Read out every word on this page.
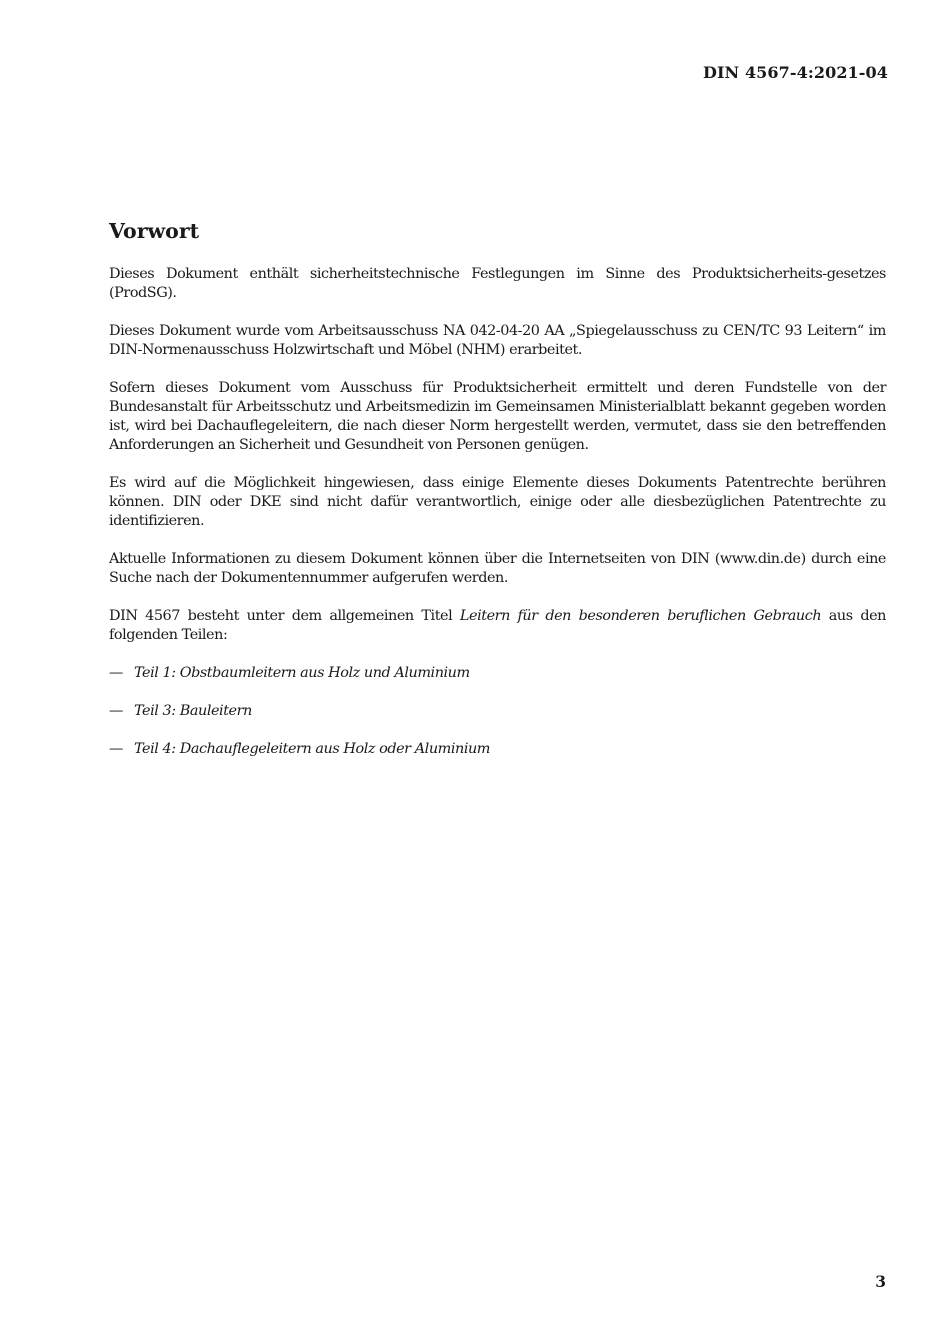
DIN 4567-4:2021-04
Vorwort

Dieses Dokument enthält sicherheitstechnische Festlegungen im Sinne des Produktsicherheits-gesetzes (ProdSG).

Dieses Dokument wurde vom Arbeitsausschuss NA 042-04-20 AA „Spiegelausschuss zu CEN/TC 93 Leitern“ im DIN-Normenausschuss Holzwirtschaft und Möbel (NHM) erarbeitet.

Sofern dieses Dokument vom Ausschuss für Produktsicherheit ermittelt und deren Fundstelle von der Bundesanstalt für Arbeitsschutz und Arbeitsmedizin im Gemeinsamen Ministerialblatt bekannt gegeben worden ist, wird bei Dachauflegeleitern, die nach dieser Norm hergestellt werden, vermutet, dass sie den betreffenden Anforderungen an Sicherheit und Gesundheit von Personen genügen.

Es wird auf die Möglichkeit hingewiesen, dass einige Elemente dieses Dokuments Patentrechte berühren können. DIN oder DKE sind nicht dafür verantwortlich, einige oder alle diesbezüglichen Patentrechte zu identifizieren.

Aktuelle Informationen zu diesem Dokument können über die Internetseiten von DIN (www.din.de) durch eine Suche nach der Dokumentennummer aufgerufen werden.

DIN 4567 besteht unter dem allgemeinen Titel Leitern für den besonderen beruflichen Gebrauch aus den folgenden Teilen:

— Teil 1: Obstbaumleitern aus Holz und Aluminium
— Teil 3: Bauleitern
— Teil 4: Dachauflegeleitern aus Holz oder Aluminium
3
